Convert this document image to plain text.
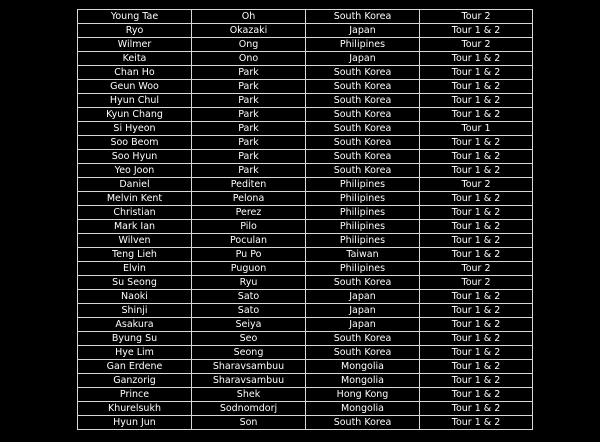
Young Tae	Oh	South Korea	Tour 2
Ryo	Okazaki	Japan	Tour 1 & 2
Wilmer	Ong	Philipines	Tour 2
Keita	Ono	Japan	Tour 1 & 2
Chan Ho	Park	South Korea	Tour 1 & 2
Geun Woo	Park	South Korea	Tour 1 & 2
Hyun Chul	Park	South Korea	Tour 1 & 2
Kyun Chang	Park	South Korea	Tour 1 & 2
Si Hyeon	Park	South Korea	Tour 1
Soo Beom	Park	South Korea	Tour 1 & 2
Soo Hyun	Park	South Korea	Tour 1 & 2
Yeo Joon	Park	South Korea	Tour 1 & 2
Daniel	Pediten	Philipines	Tour 2
Melvin Kent	Pelona	Philipines	Tour 1 & 2
Christian	Perez	Philipines	Tour 1 & 2
Mark Ian	Pilo	Philipines	Tour 1 & 2
Wilven	Poculan	Philipines	Tour 1 & 2
Teng Lieh	Pu Po	Taiwan	Tour 1 & 2
Elvin	Puguon	Philipines	Tour 2
Su Seong	Ryu	South Korea	Tour 2
Naoki	Sato	Japan	Tour 1 & 2
Shinji	Sato	Japan	Tour 1 & 2
Asakura	Seiya	Japan	Tour 1 & 2
Byung Su	Seo	South Korea	Tour 1 & 2
Hye Lim	Seong	South Korea	Tour 1 & 2
Gan Erdene	Sharavsambuu	Mongolia	Tour 1 & 2
Ganzorig	Sharavsambuu	Mongolia	Tour 1 & 2
Prince	Shek	Hong Kong	Tour 1 & 2
Khurelsukh	Sodnomdorj	Mongolia	Tour 1 & 2
Hyun Jun	Son	South Korea	Tour 1 & 2
